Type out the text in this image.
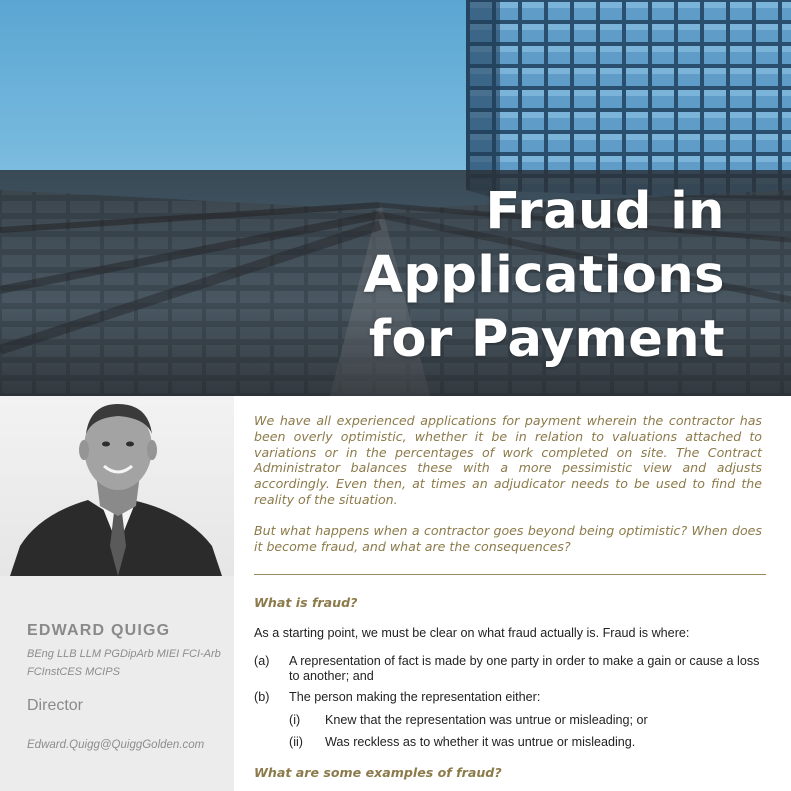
Fraud in
Applications
for Payment
EDWARD QUIGG
BEng LLB LLM PGDipArb MIEI FCI-Arb FCInstCES MCIPS
Director
Edward.Quigg@QuiggGolden.com

We have all experienced applications for payment wherein the contractor has been overly optimistic, whether it be in relation to valuations attached to variations or in the percentages of work completed on site. The Contract Administrator balances these with a more pessimistic view and adjusts accordingly. Even then, at times an adjudicator needs to be used to find the reality of the situation.

But what happens when a contractor goes beyond being optimistic? When does it become fraud, and what are the consequences?

What is fraud?
As a starting point, we must be clear on what fraud actually is. Fraud is where:
(a) A representation of fact is made by one party in order to make a gain or cause a loss to another; and
(b) The person making the representation either:
(i) Knew that the representation was untrue or misleading; or
(ii) Was reckless as to whether it was untrue or misleading.
What are some examples of fraud?
